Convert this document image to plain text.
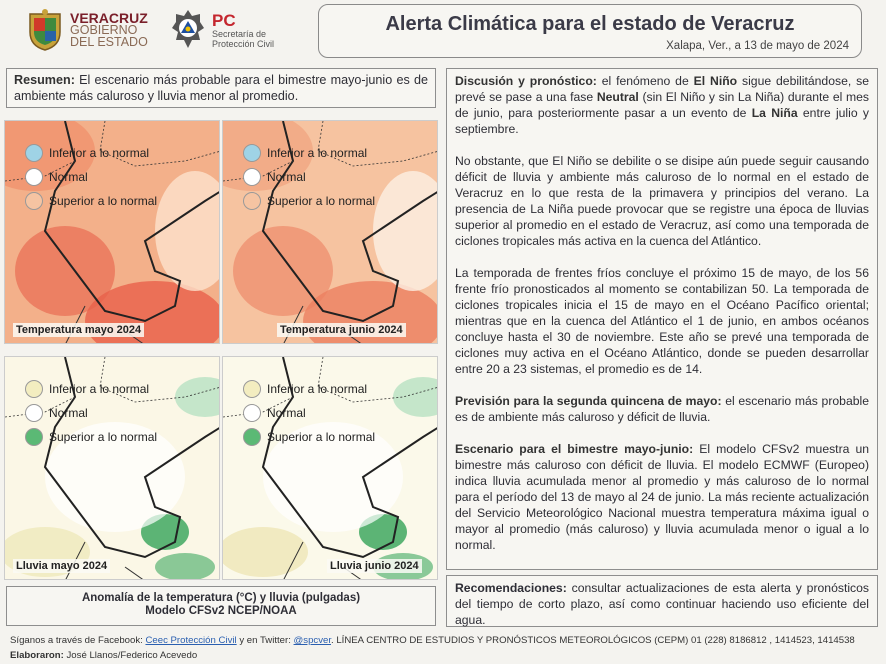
VERACRUZ
GOBIERNO
DEL ESTADO
PC
Secretaría de
Protección Civil
Alerta Climática para el estado de Veracruz
Xalapa, Ver., a 13 de mayo de 2024
Resumen: El escenario más probable para el bimestre mayo-junio es de ambiente más caluroso y lluvia menor al promedio.
Inferior a lo normal
Normal
Superior a lo normal
Temperatura mayo 2024
Inferior a lo normal
Normal
Superior a lo normal
Temperatura junio 2024
Inferior a lo normal
Normal
Superior a lo normal
Lluvia mayo 2024
Inferior a lo normal
Normal
Superior a lo normal
Lluvia junio 2024
Anomalía de la temperatura (°C) y lluvia (pulgadas)
Modelo CFSv2 NCEP/NOAA

Discusión y pronóstico: el fenómeno de El Niño sigue debilitándose, se prevé se pase a una fase Neutral (sin El Niño y sin La Niña) durante el mes de junio, para posteriormente pasar a un evento de La Niña entre julio y septiembre.

No obstante, que El Niño se debilite o se disipe aún puede seguir causando déficit de lluvia y ambiente más caluroso de lo normal en el estado de Veracruz en lo que resta de la primavera y principios del verano. La presencia de La Niña puede provocar que se registre una época de lluvias superior al promedio en el estado de Veracruz, así como una temporada de ciclones tropicales más activa en la cuenca del Atlántico.

La temporada de frentes fríos concluye el próximo 15 de mayo, de los 56 frente frío pronosticados al momento se contabilizan 50. La temporada de ciclones tropicales inicia el 15 de mayo en el Océano Pacífico oriental; mientras que en la cuenca del Atlántico el 1 de junio, en ambos océanos concluye hasta el 30 de noviembre. Este año se prevé una temporada de ciclones muy activa en el Océano Atlántico, donde se pueden desarrollar entre 20 a 23 sistemas, el promedio es de 14.

Previsión para la segunda quincena de mayo: el escenario más probable es de ambiente más caluroso y déficit de lluvia.

Escenario para el bimestre mayo-junio: El modelo CFSv2 muestra un bimestre más caluroso con déficit de lluvia. El modelo ECMWF (Europeo) indica lluvia acumulada menor al promedio y más caluroso de lo normal para el período del 13 de mayo al 24 de junio. La más reciente actualización del Servicio Meteorológico Nacional muestra temperatura máxima igual o mayor al promedio (más caluroso) y lluvia acumulada menor o igual a lo normal.

Recomendaciones: consultar actualizaciones de esta alerta y pronósticos del tiempo de corto plazo, así como continuar haciendo uso eficiente del agua.
Síganos a través de Facebook: Ceec Protección Civil y en Twitter: @spcver. LÍNEA CENTRO DE ESTUDIOS Y PRONÓSTICOS METEOROLÓGICOS (CEPM) 01 (228) 8186812 , 1414523, 1414538
Elaboraron: José Llanos/Federico Acevedo
